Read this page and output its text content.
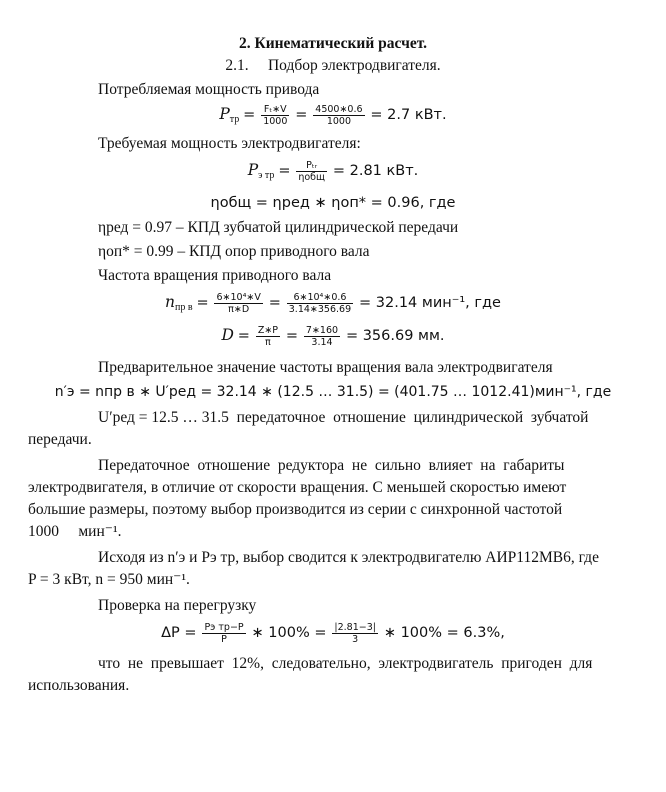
2. Кинематический расчет.
2.1.     Подбор электродвигателя.
Потребляемая мощность привода
$P_{тр} = \frac{\text{Fₜ∗V}}{1000} = \frac{4500∗0.6}{1000} = 2.7$ кВт.
Требуемая мощность электродвигателя:
$P_{э тр} = \frac{\text{Pₜᵣ}}{\text{ηобщ}} = 2.81$ кВт.
ηобщ = ηред ∗ ηоп* = 0.96, где
ηред = 0.97 – КПД зубчатой цилиндрической передачи
ηоп* = 0.99 – КПД опор приводного вала
Частота вращения приводного вала
$n_{пр в} = \frac{\text{6∗10⁴∗V}}{\pi∗D} = \frac{\text{6∗10⁴∗0.6}}{3.14∗356.69} = 32.14$ мин⁻¹, где
$D = \frac{Z∗P}{\pi} = \frac{7∗160}{3.14} = 356.69$ мм.
Предварительное значение частоты вращения вала электродвигателя
n′э = nпр в ∗ U′ред = 32.14 ∗ (12.5 … 31.5) = (401.75 … 1012.41)мин⁻¹, где
U′ред = 12.5 … 31.5  передаточное  отношение  цилиндрической  зубчатой
передачи.
Передаточное  отношение  редуктора  не  сильно  влияет  на  габариты
электродвигателя, в отличие от скорости вращения. С меньшей скоростью имеют
большие размеры, поэтому выбор производится из серии с синхронной частотой
1000     мин⁻¹.
Исходя из n′э и Pэ тр, выбор сводится к электродвигателю АИР112МВ6, где
P = 3 кВт, n = 950 мин⁻¹.
Проверка на перегрузку
$\Delta P = \frac{\text{Pэ тр−P}}{P}$ ∗ $100\% = \frac{|2.81-3|}{3}$ ∗ 100% = 6.3%,
что  не  превышает  12%,  следовательно,  электродвигатель  пригоден  для
использования.
